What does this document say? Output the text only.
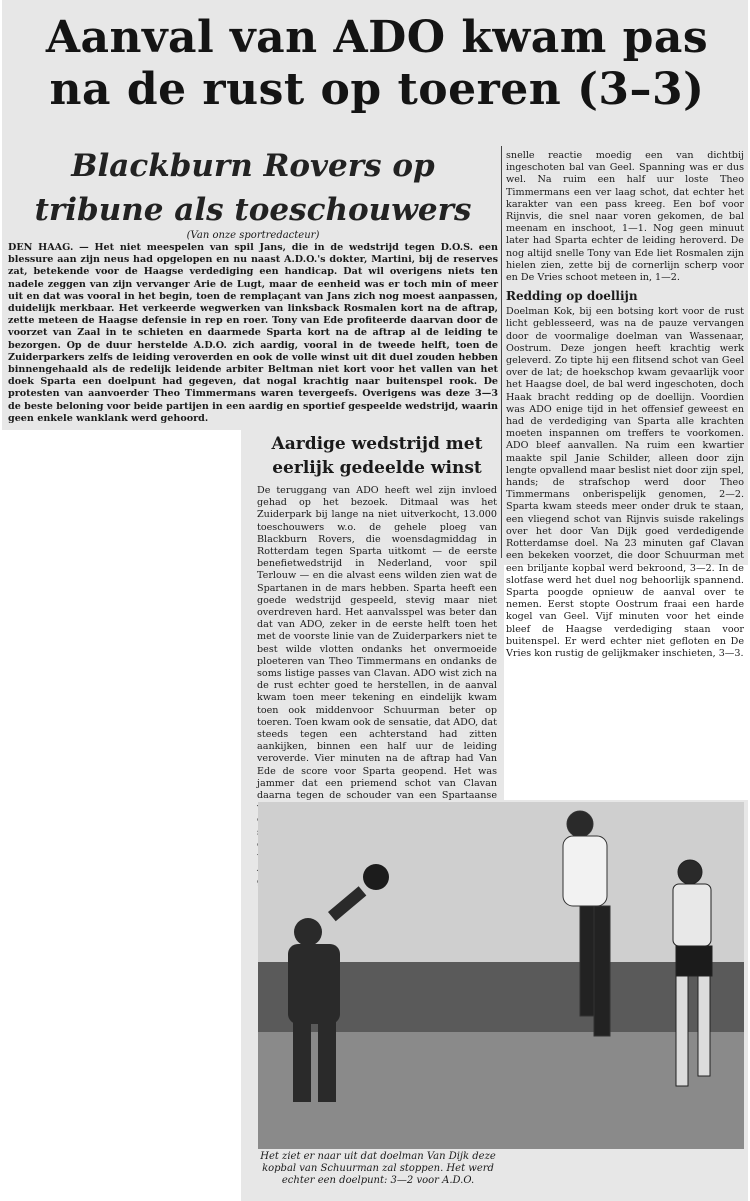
Aanval van ADO kwam pas na de rust op toeren (3–3)
Blackburn Rovers op tribune als toeschouwers

(Van onze sportredacteur)

DEN HAAG. — Het niet meespelen van spil Jans, die in de wedstrijd tegen D.O.S. een blessure aan zijn neus had opgelopen en nu naast A.D.O.'s dokter, Martini, bij de reserves zat, betekende voor de Haagse verdediging een handicap. Dat wil overigens niets ten nadele zeggen van zijn vervanger Arie de Lugt, maar de eenheid was er toch min of meer uit en dat was vooral in het begin, toen de remplaçant van Jans zich nog moest aanpassen, duidelijk merkbaar. Het verkeerde wegwerken van linksback Rosmalen kort na de aftrap, zette meteen de Haagse defensie in rep en roer. Tony van Ede profiteerde daarvan door de voorzet van Zaal in te schieten en daarmede Sparta kort na de aftrap al de leiding te bezorgen. Op de duur herstelde A.D.O. zich aardig, vooral in de tweede helft, toen de Zuiderparkers zelfs de leiding veroverden en ook de volle winst uit dit duel zouden hebben binnengehaald als de redelijk leidende arbiter Beltman niet kort voor het vallen van het doek Sparta een doelpunt had gegeven, dat nogal krachtig naar buitenspel rook. De protesten van aanvoerder Theo Timmermans waren tevergeefs. Overigens was deze 3—3 de beste beloning voor beide partijen in een aardig en sportief gespeelde wedstrijd, waarin geen enkele wanklank werd gehoord.

snelle reactie moedig een van dichtbij ingeschoten bal van Geel. Spanning was er dus wel. Na ruim een half uur loste Theo Timmermans een ver laag schot, dat echter het karakter van een pass kreeg. Een bof voor Rijnvis, die snel naar voren gekomen, de bal meenam en inschoot, 1—1. Nog geen minuut later had Sparta echter de leiding heroverd. De nog altijd snelle Tony van Ede liet Rosmalen zijn hielen zien, zette bij de cornerlijn scherp voor en De Vries schoot meteen in, 1—2.

Redding op doellijn

Doelman Kok, bij een botsing kort voor de rust licht geblesseerd, was na de pauze vervangen door de voormalige doelman van Wassenaar, Oostrum. Deze jongen heeft krachtig werk geleverd. Zo tipte hij een flitsend schot van Geel over de lat; de hoekschop kwam gevaarlijk voor het Haagse doel, de bal werd ingeschoten, doch Haak bracht redding op de doellijn. Voordien was ADO enige tijd in het offensief geweest en had de verdediging van Sparta alle krachten moeten inspannen om treffers te voorkomen. ADO bleef aanvallen. Na ruim een kwartier maakte spil Janie Schilder, alleen door zijn lengte opvallend maar beslist niet door zijn spel, hands; de strafschop werd door Theo Timmermans onberispelijk genomen, 2—2. Sparta kwam steeds meer onder druk te staan, een vliegend schot van Rijnvis suisde rakelings over het door Van Dijk goed verdedigende Rotterdamse doel. Na 23 minuten gaf Clavan een bekeken voorzet, die door Schuurman met een briljante kopbal werd bekroond, 3—2. In de slotfase werd het duel nog behoorlijk spannend. Sparta poogde opnieuw de aanval over te nemen. Eerst stopte Oostrum fraai een harde kogel van Geel. Vijf minuten voor het einde bleef de Haagse verdediging staan voor buitenspel. Er werd echter niet gefloten en De Vries kon rustig de gelijkmaker inschieten, 3—3.

Aardige wedstrijd met eerlijk gedeelde winst

De teruggang van ADO heeft wel zijn invloed gehad op het bezoek. Ditmaal was het Zuiderpark bij lange na niet uitverkocht, 13.000 toeschouwers w.o. de gehele ploeg van Blackburn Rovers, die woensdagmiddag in Rotterdam tegen Sparta uitkomt — de eerste benefietwedstrijd in Nederland, voor spil Terlouw — en die alvast eens wilden zien wat de Spartanen in de mars hebben. Sparta heeft een goede wedstrijd gespeeld, stevig maar niet overdreven hard. Het aanvalsspel was beter dan dat van ADO, zeker in de eerste helft toen het met de voorste linie van de Zuiderparkers niet te best wilde vlotten ondanks het onvermoeide ploeteren van Theo Timmermans en ondanks de soms listige passes van Clavan. ADO wist zich na de rust echter goed te herstellen, in de aanval kwam toen meer tekening en eindelijk kwam toen ook middenvoor Schuurman beter op toeren. Toen kwam ook de sensatie, dat ADO, dat steeds tegen een achterstand had zitten aankijken, binnen een half uur de leiding veroverde. Vier minuten na de aftrap had Van Ede de score voor Sparta geopend. Het was jammer dat een priemend schot van Clavan daarna tegen de schouder van een Spartaanse

Het ziet er naar uit dat doelman Van Dijk deze kopbal van Schuurman zal stoppen. Het werd echter een doelpunt: 3—2 voor A.D.O.
